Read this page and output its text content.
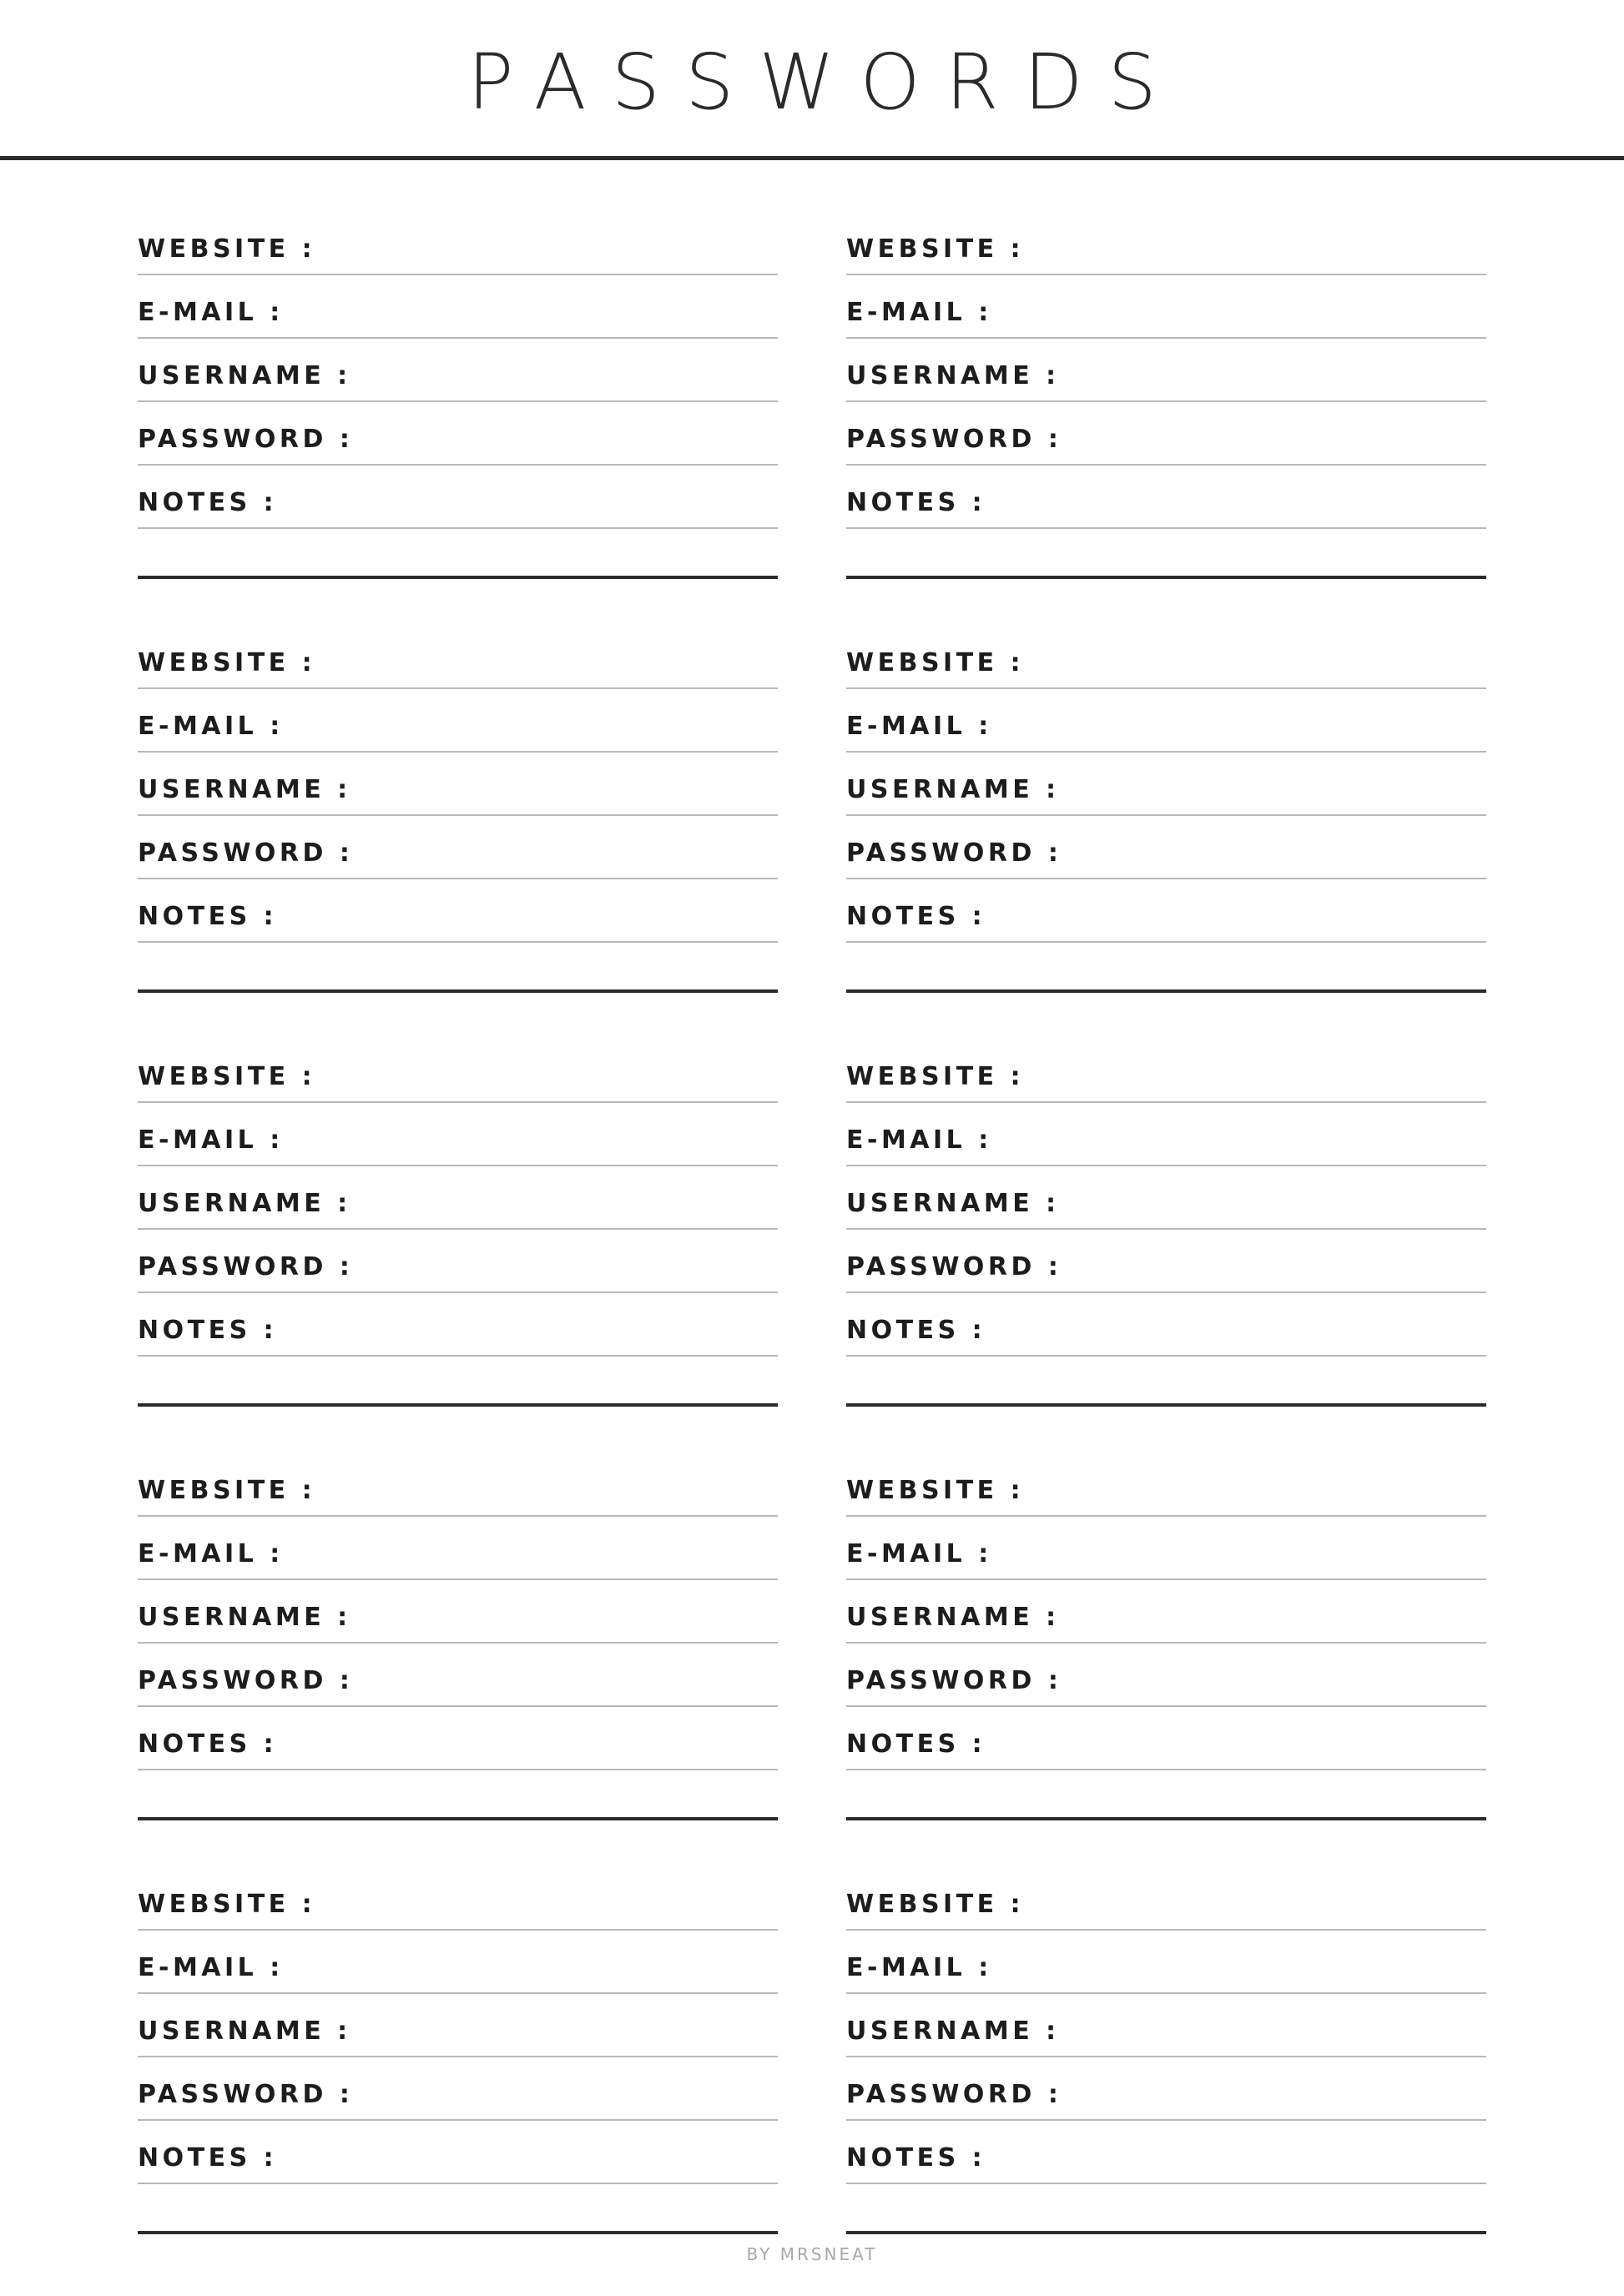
PASSWORDS
WEBSITE :
E-MAIL :
USERNAME :
PASSWORD :
NOTES :
WEBSITE :
E-MAIL :
USERNAME :
PASSWORD :
NOTES :
WEBSITE :
E-MAIL :
USERNAME :
PASSWORD :
NOTES :
WEBSITE :
E-MAIL :
USERNAME :
PASSWORD :
NOTES :
WEBSITE :
E-MAIL :
USERNAME :
PASSWORD :
NOTES :
WEBSITE :
E-MAIL :
USERNAME :
PASSWORD :
NOTES :
WEBSITE :
E-MAIL :
USERNAME :
PASSWORD :
NOTES :
WEBSITE :
E-MAIL :
USERNAME :
PASSWORD :
NOTES :
WEBSITE :
E-MAIL :
USERNAME :
PASSWORD :
NOTES :
WEBSITE :
E-MAIL :
USERNAME :
PASSWORD :
NOTES :
BY MRSNEAT
